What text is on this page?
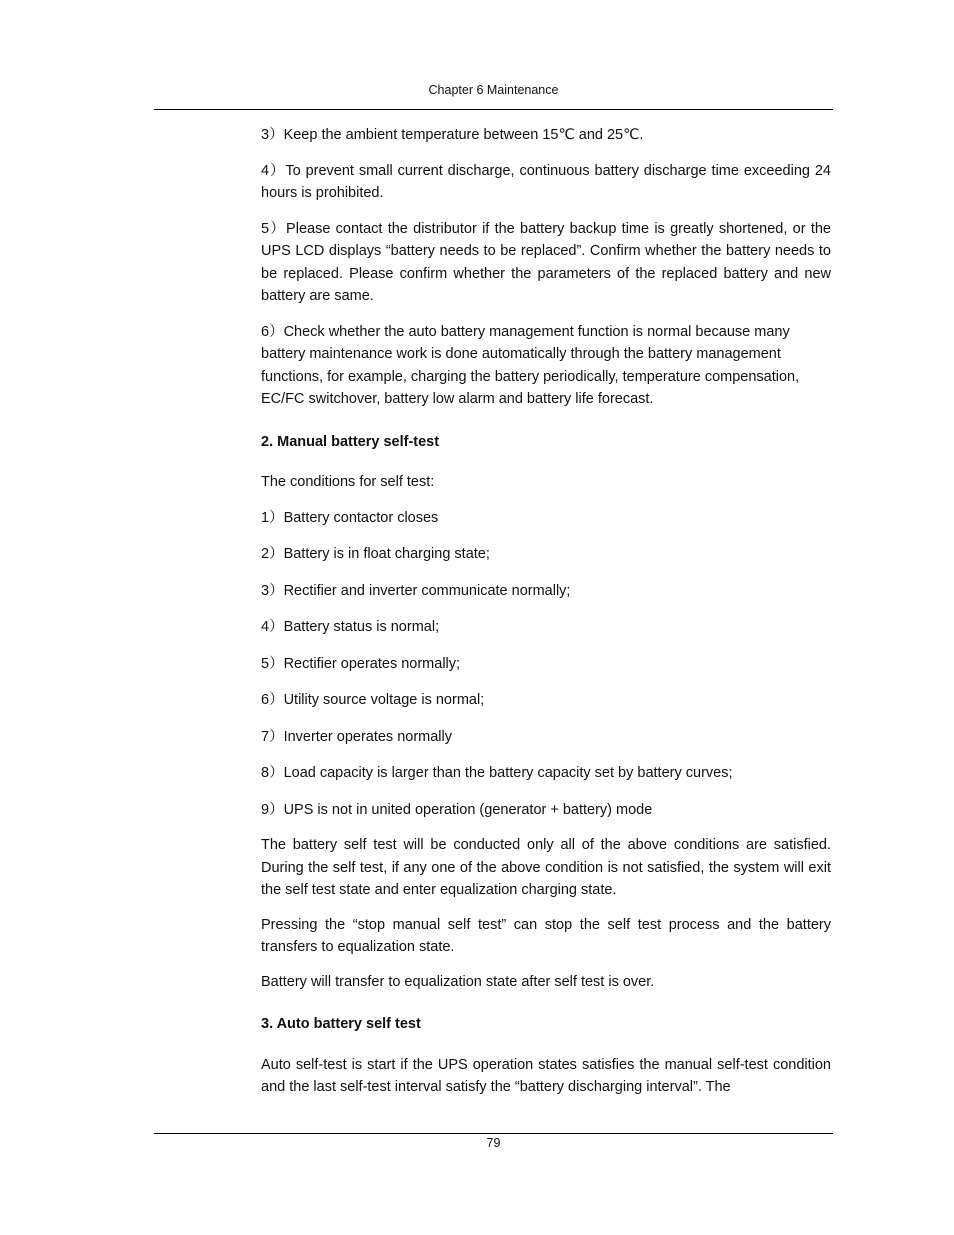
Chapter 6 Maintenance

3）Keep the ambient temperature between 15℃ and 25℃.

4）To prevent small current discharge, continuous battery discharge time exceeding 24 hours is prohibited.

5）Please contact the distributor if the battery backup time is greatly shortened, or the UPS LCD displays “battery needs to be replaced”. Confirm whether the battery needs to be replaced. Please confirm whether the parameters of the replaced battery and new battery are same.

6）Check whether the auto battery management function is normal because many battery maintenance work is done automatically through the battery management functions, for example, charging the battery periodically, temperature compensation, EC/FC switchover, battery low alarm and battery life forecast.

2. Manual battery self-test

The conditions for self test:

1）Battery contactor closes

2）Battery is in float charging state;

3）Rectifier and inverter communicate normally;

4）Battery status is normal;

5）Rectifier operates normally;

6）Utility source voltage is normal;

7）Inverter operates normally

8）Load capacity is larger than the battery capacity set by battery curves;

9）UPS is not in united operation (generator + battery) mode

The battery self test will be conducted only all of the above conditions are satisfied. During the self test, if any one of the above condition is not satisfied, the system will exit the self test state and enter equalization charging state.

Pressing the “stop manual self test” can stop the self test process and the battery transfers to equalization state.

Battery will transfer to equalization state after self test is over.

3. Auto battery self test

Auto self-test is start if the UPS operation states satisfies the manual self-test condition and the last self-test interval satisfy the “battery discharging interval”. The

79
